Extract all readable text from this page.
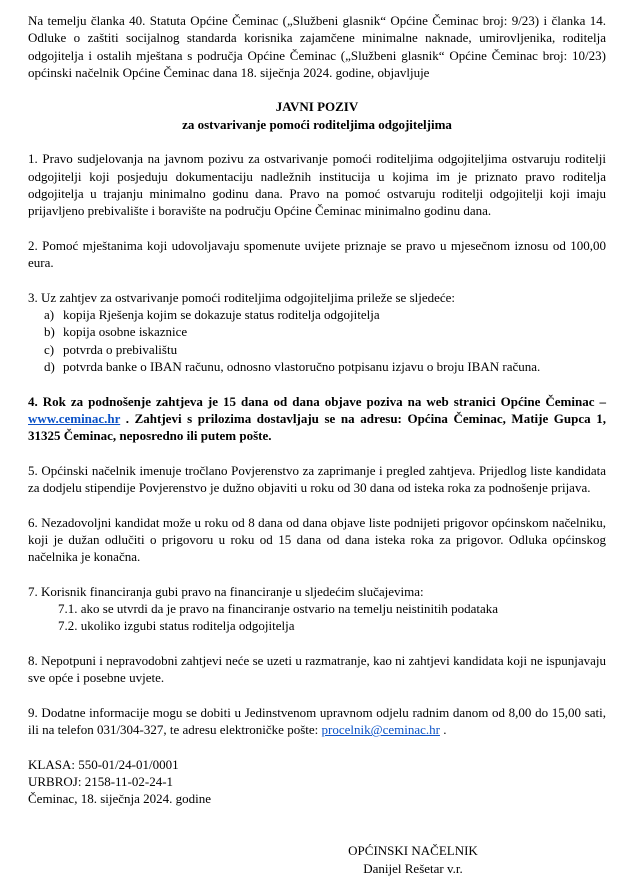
Na temelju članka 40. Statuta Općine Čeminac („Službeni glasnik“ Općine Čeminac broj: 9/23) i članka 14. Odluke o zaštiti socijalnog standarda korisnika zajamčene minimalne naknade, umirovljenika, roditelja odgojitelja i ostalih mještana s područja Općine Čeminac („Službeni glasnik“ Općine Čeminac broj: 10/23) općinski načelnik Općine Čeminac dana 18. siječnja 2024. godine, objavljuje

JAVNI POZIV
za ostvarivanje pomoći roditeljima odgojiteljima

1. Pravo sudjelovanja na javnom pozivu za ostvarivanje pomoći roditeljima odgojiteljima ostvaruju roditelji odgojitelji koji posjeduju dokumentaciju nadležnih institucija u kojima im je priznato pravo roditelja odgojitelja u trajanju minimalno godinu dana. Pravo na pomoć ostvaruju roditelji odgojitelji koji imaju prijavljeno prebivalište i boravište na području Općine Čeminac minimalno godinu dana.

2. Pomoć mještanima koji udovoljavaju spomenute uvijete priznaje se pravo u mjesečnom iznosu od 100,00 eura.

3. Uz zahtjev za ostvarivanje pomoći roditeljima odgojiteljima prileže se sljedeće:
a) kopija Rješenja kojim se dokazuje status roditelja odgojitelja
b) kopija osobne iskaznice
c) potvrda o prebivalištu
d) potvrda banke o IBAN računu, odnosno vlastoručno potpisanu izjavu o broju IBAN računa.

4. Rok za podnošenje zahtjeva je 15 dana od dana objave poziva na web stranici Općine Čeminac – www.ceminac.hr . Zahtjevi s prilozima dostavljaju se na adresu: Općina Čeminac, Matije Gupca 1, 31325 Čeminac, neposredno ili putem pošte.

5. Općinski načelnik imenuje tročlano Povjerenstvo za zaprimanje i pregled zahtjeva. Prijedlog liste kandidata za dodjelu stipendije Povjerenstvo je dužno objaviti u roku od 30 dana od isteka roka za podnošenje prijava.

6. Nezadovoljni kandidat može u roku od 8 dana od dana objave liste podnijeti prigovor općinskom načelniku, koji je dužan odlučiti o prigovoru u roku od 15 dana od dana isteka roka za prigovor. Odluka općinskog načelnika je konačna.

7. Korisnik financiranja gubi pravo na financiranje u sljedećim slučajevima:
7.1. ako se utvrdi da je pravo na financiranje ostvario na temelju neistinitih podataka
7.2. ukoliko izgubi status roditelja odgojitelja

8. Nepotpuni i nepravodobni zahtjevi neće se uzeti u razmatranje, kao ni zahtjevi kandidata koji ne ispunjavaju sve opće i posebne uvjete.

9. Dodatne informacije mogu se dobiti u Jedinstvenom upravnom odjelu radnim danom od 8,00 do 15,00 sati, ili na telefon 031/304-327, te adresu elektroničke pošte: procelnik@ceminac.hr .

KLASA: 550-01/24-01/0001
URBROJ: 2158-11-02-24-1
Čeminac, 18. siječnja 2024. godine
OPĆINSKI NAČELNIK
Danijel Rešetar v.r.
